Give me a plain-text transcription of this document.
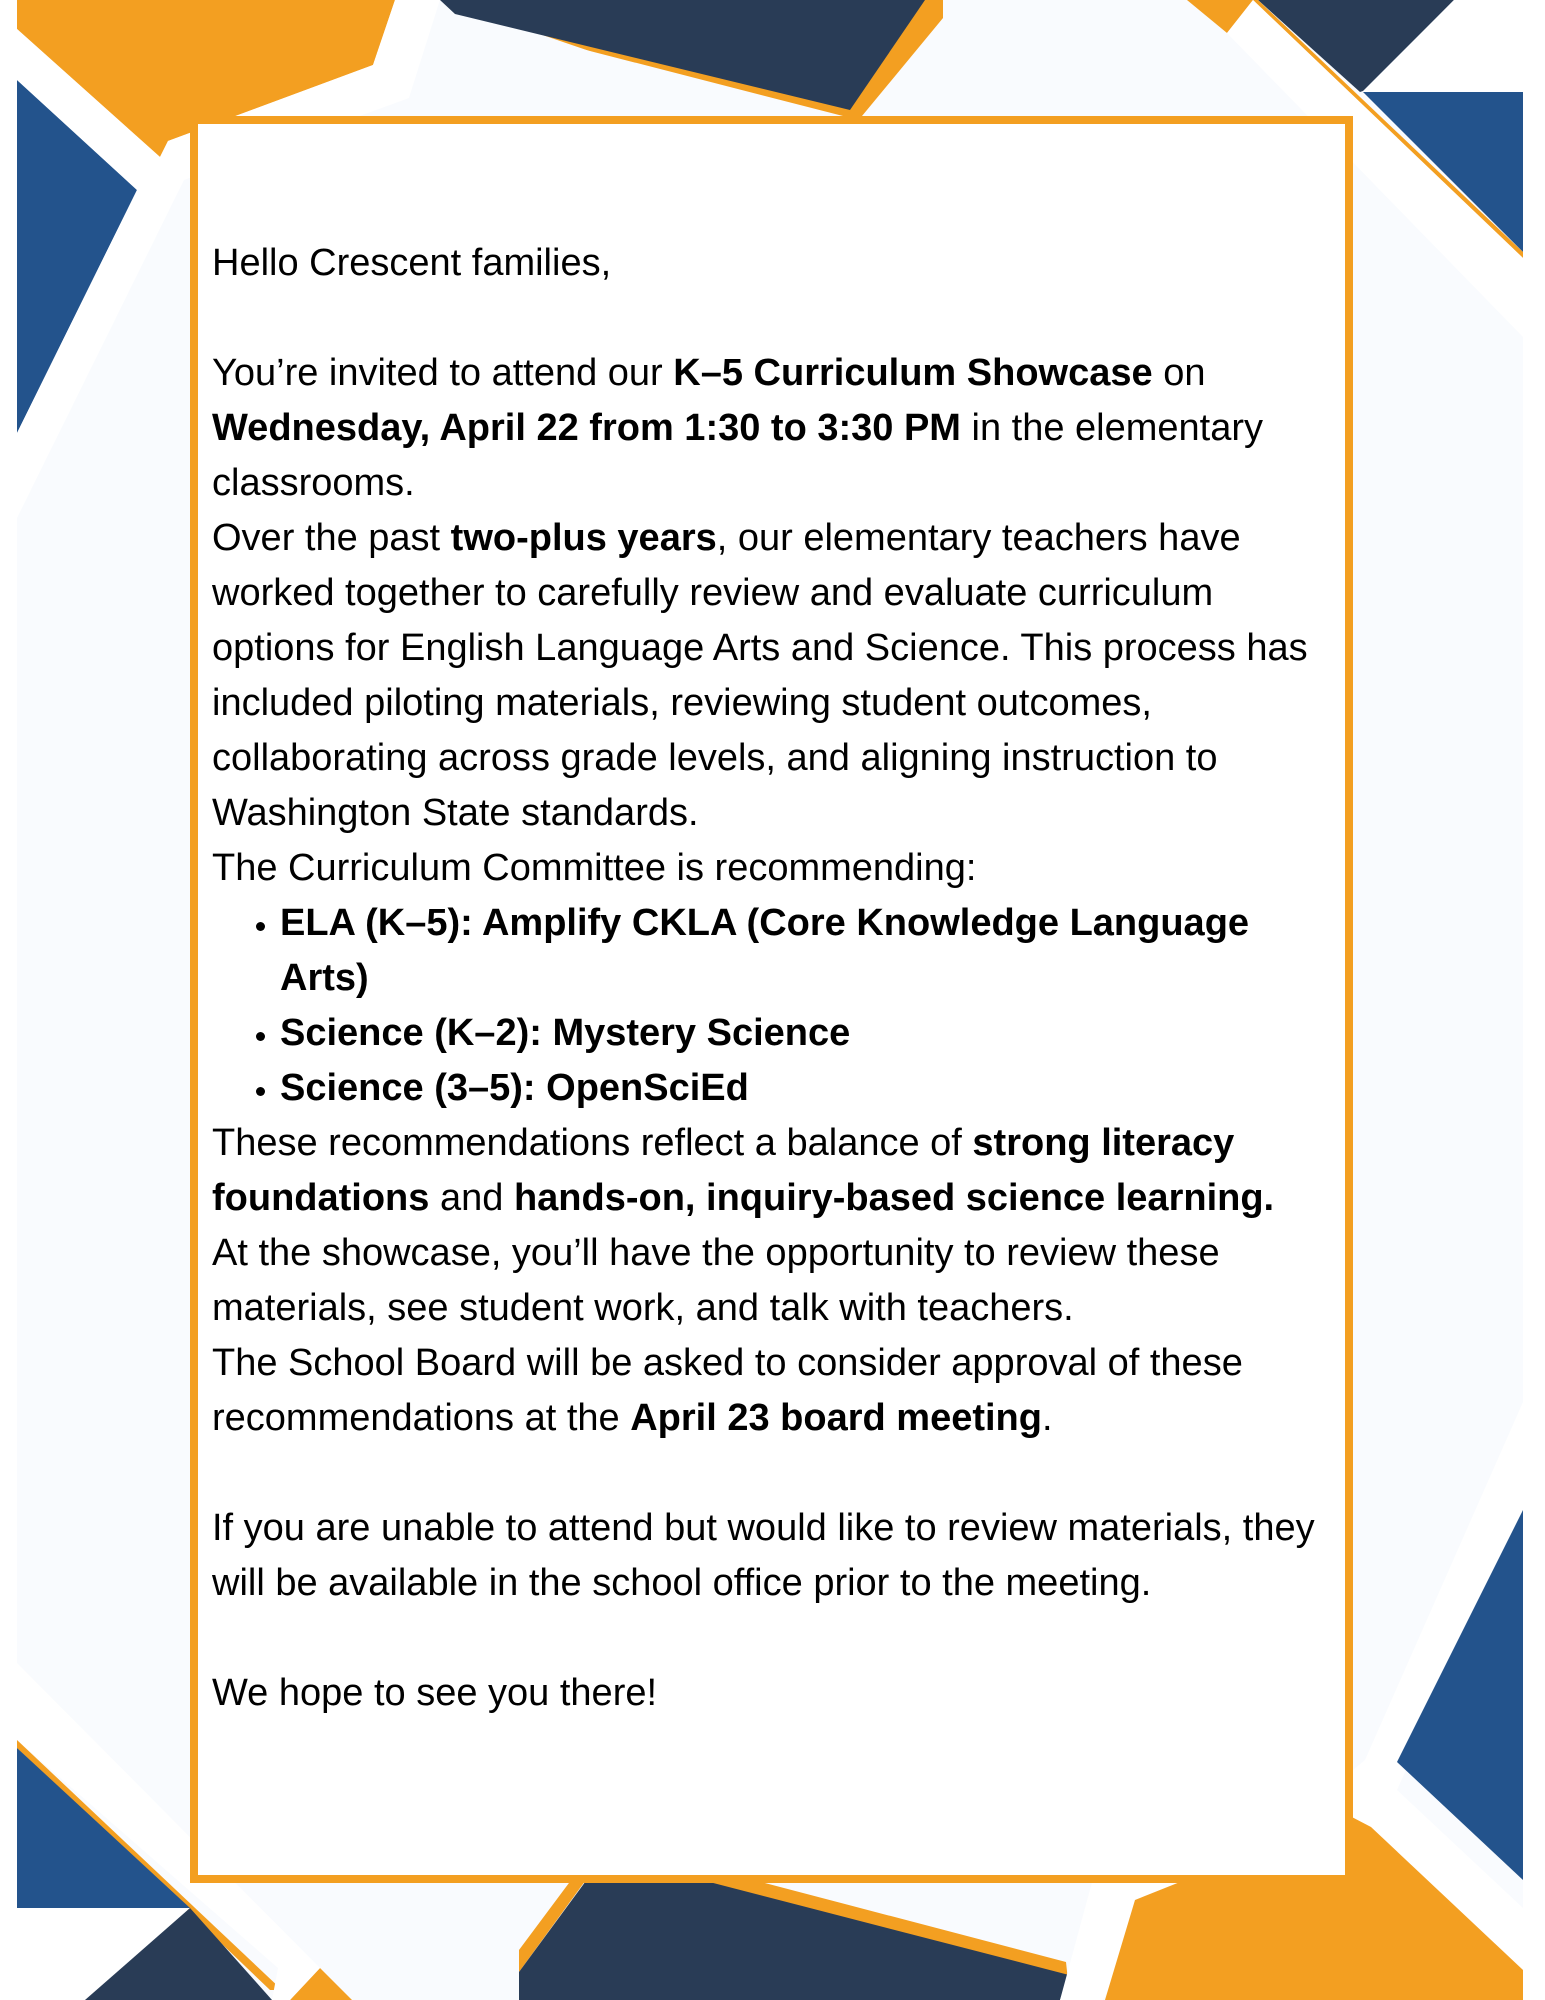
Hello Crescent families,

You’re invited to attend our K–5 Curriculum Showcase on Wednesday, April 22 from 1:30 to 3:30 PM in the elementary classrooms.

Over the past two-plus years, our elementary teachers have worked together to carefully review and evaluate curriculum options for English Language Arts and Science. This process has included piloting materials, reviewing student outcomes, collaborating across grade levels, and aligning instruction to Washington State standards.

The Curriculum Committee is recommending:

• ELA (K–5): Amplify CKLA (Core Knowledge Language Arts)
• Science (K–2): Mystery Science
• Science (3–5): OpenSciEd

These recommendations reflect a balance of strong literacy foundations and hands-on, inquiry-based science learning.

At the showcase, you’ll have the opportunity to review these materials, see student work, and talk with teachers.

The School Board will be asked to consider approval of these recommendations at the April 23 board meeting.

If you are unable to attend but would like to review materials, they will be available in the school office prior to the meeting.

We hope to see you there!
